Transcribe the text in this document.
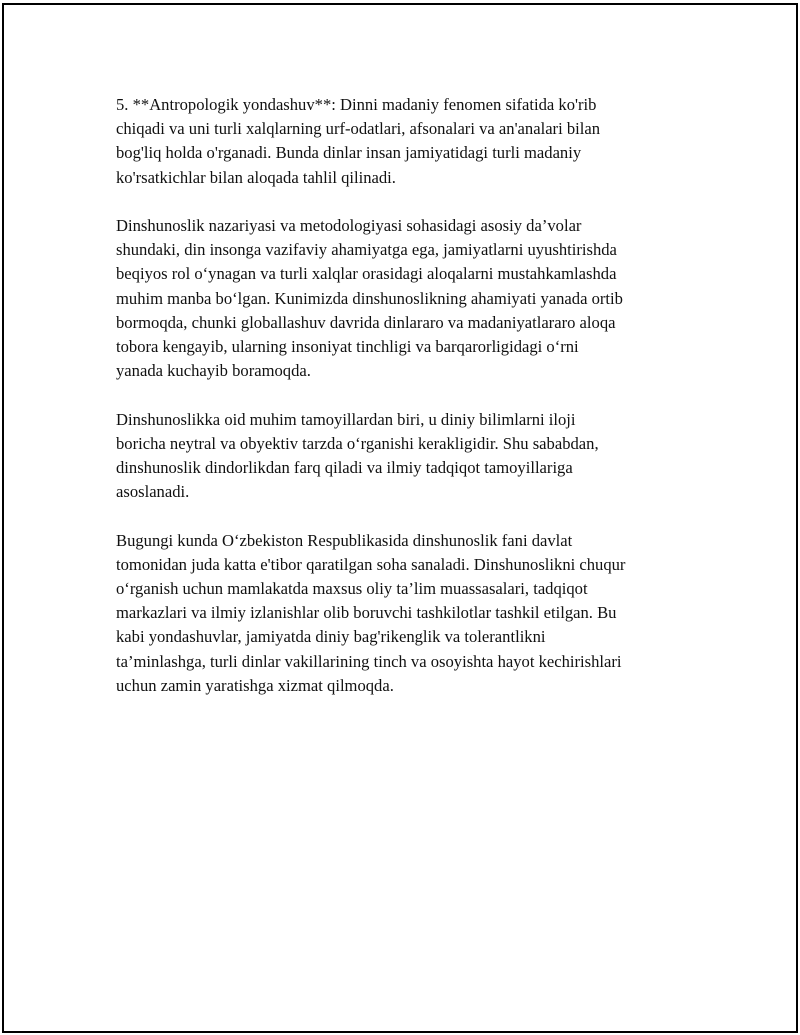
5. **Antropologik yondashuv**: Dinni madaniy fenomen sifatida ko'rib
chiqadi va uni turli xalqlarning urf-odatlari, afsonalari va an'analari bilan
bog'liq holda o'rganadi. Bunda dinlar insan jamiyatidagi turli madaniy
ko'rsatkichlar bilan aloqada tahlil qilinadi.

Dinshunoslik nazariyasi va metodologiyasi sohasidagi asosiy da’volar
shundaki, din insonga vazifaviy ahamiyatga ega, jamiyatlarni uyushtirishda
beqiyos rol o‘ynagan va turli xalqlar orasidagi aloqalarni mustahkamlashda
muhim manba bo‘lgan. Kunimizda dinshunoslikning ahamiyati yanada ortib
bormoqda, chunki globallashuv davrida dinlararo va madaniyatlararo aloqa
tobora kengayib, ularning insoniyat tinchligi va barqarorligidagi o‘rni
yanada kuchayib boramoqda.

Dinshunoslikka oid muhim tamoyillardan biri, u diniy bilimlarni iloji
boricha neytral va obyektiv tarzda o‘rganishi kerakligidir. Shu sababdan,
dinshunoslik dindorlikdan farq qiladi va ilmiy tadqiqot tamoyillariga
asoslanadi.

Bugungi kunda O‘zbekiston Respublikasida dinshunoslik fani davlat
tomonidan juda katta e'tibor qaratilgan soha sanaladi. Dinshunoslikni chuqur
o‘rganish uchun mamlakatda maxsus oliy ta’lim muassasalari, tadqiqot
markazlari va ilmiy izlanishlar olib boruvchi tashkilotlar tashkil etilgan. Bu
kabi yondashuvlar, jamiyatda diniy bag'rikenglik va tolerantlikni
ta’minlashga, turli dinlar vakillarining tinch va osoyishta hayot kechirishlari
uchun zamin yaratishga xizmat qilmoqda.
